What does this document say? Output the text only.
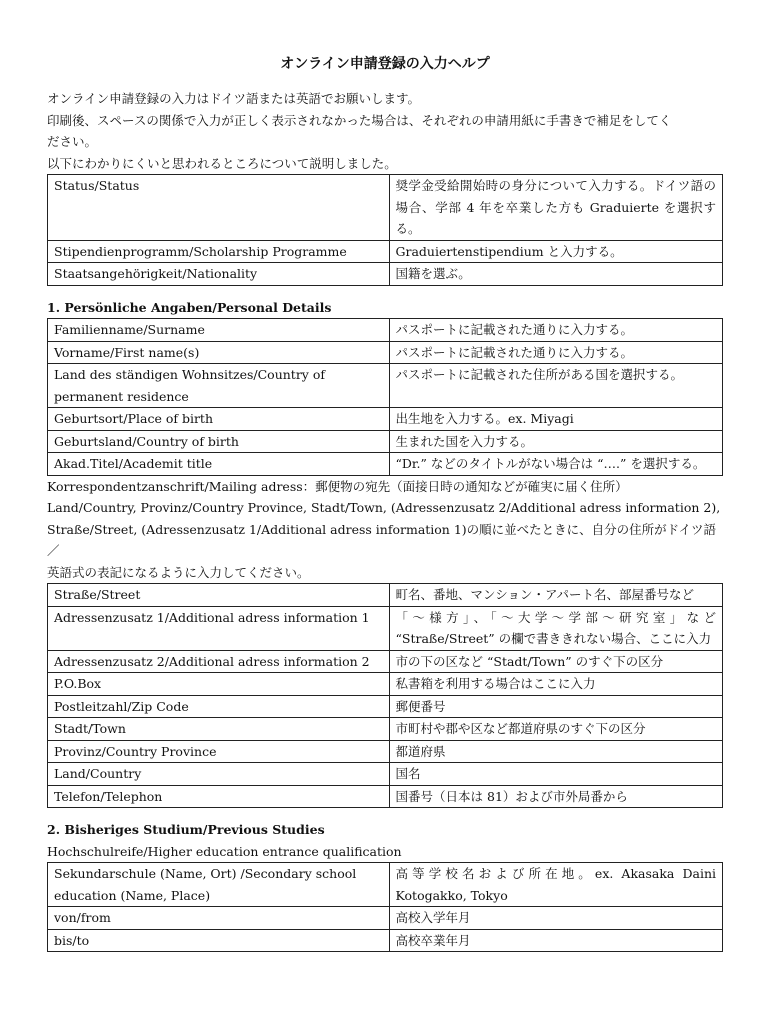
オンライン申請登録の入力ヘルプ

オンライン申請登録の入力はドイツ語または英語でお願いします。

印刷後、スペースの関係で入力が正しく表示されなかった場合は、それぞれの申請用紙に手書きで補足をしてく

ださい。

以下にわかりにくいと思われるところについて説明しました。

Status/Status	奨学金受給開始時の身分について入力する。ドイツ語の場合、学部 4 年を卒業した方も Graduierte を選択する。
Stipendienprogramm/Scholarship Programme	Graduiertenstipendium と入力する。
Staatsangehörigkeit/Nationality	国籍を選ぶ。
1. Persönliche Angaben/Personal Details
Familienname/Surname	パスポートに記載された通りに入力する。
Vorname/First name(s)	パスポートに記載された通りに入力する。
Land des ständigen Wohnsitzes/Country of permanent residence	パスポートに記載された住所がある国を選択する。
Geburtsort/Place of birth	出生地を入力する。ex. Miyagi
Geburtsland/Country of birth	生まれた国を入力する。
Akad.Titel/Academit title	“Dr.” などのタイトルがない場合は “….” を選択する。

Korrespondentzanschrift/Mailing adress：郵便物の宛先（面接日時の通知などが確実に届く住所）

Land/Country, Provinz/Country Province, Stadt/Town, (Adressenzusatz 2/Additional adress information 2),

Straße/Street, (Adressenzusatz 1/Additional adress information 1)の順に並べたときに、自分の住所がドイツ語／

英語式の表記になるように入力してください。

Straße/Street	町名、番地、マンション・アパート名、部屋番号など
Adressenzusatz 1/Additional adress information 1	「～様方」、「～大学～学部～研究室」など “Straße/Street” の欄で書ききれない場合、ここに入力
Adressenzusatz 2/Additional adress information 2	市の下の区など “Stadt/Town” のすぐ下の区分
P.O.Box	私書箱を利用する場合はここに入力
Postleitzahl/Zip Code	郵便番号
Stadt/Town	市町村や郡や区など都道府県のすぐ下の区分
Provinz/Country Province	都道府県
Land/Country	国名
Telefon/Telephon	国番号（日本は 81）および市外局番から
2. Bisheriges Studium/Previous Studies

Hochschulreife/Higher education entrance qualification

Sekundarschule (Name, Ort) /Secondary school education (Name, Place)	高等学校名および所在地。ex. Akasaka Daini Kotogakko, Tokyo
von/from	高校入学年月
bis/to	高校卒業年月
